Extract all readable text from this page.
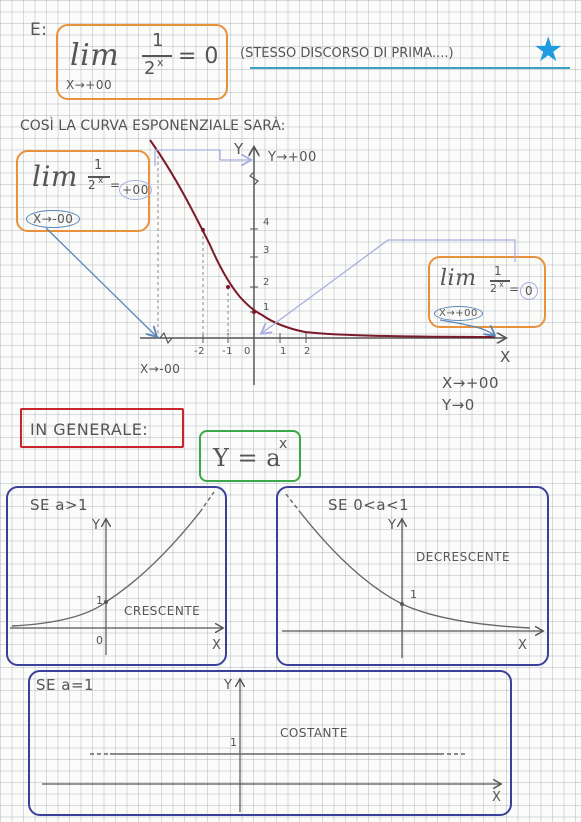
E:
lim
X→+00
1
2 x = 0 (STESSO DISCORSO DI PRIMA....) ★
COSÌ LA CURVA ESPONENZIALE SARÀ:
lim 1
2 x = +00
X→-00
lim 1
2 x = 0
X→+00
Y Y→+00
X
X→-00
X→+00
Y→0
1
2
3
4
-2 -1 0	1 2
IN GENERALE:
Y = a
x
SE a>1
Y
1
0	X
CRESCENTE
SE 0<a<1
Y
1
X
DECRESCENTE
SE a=1	Y
1
X
COSTANTE
